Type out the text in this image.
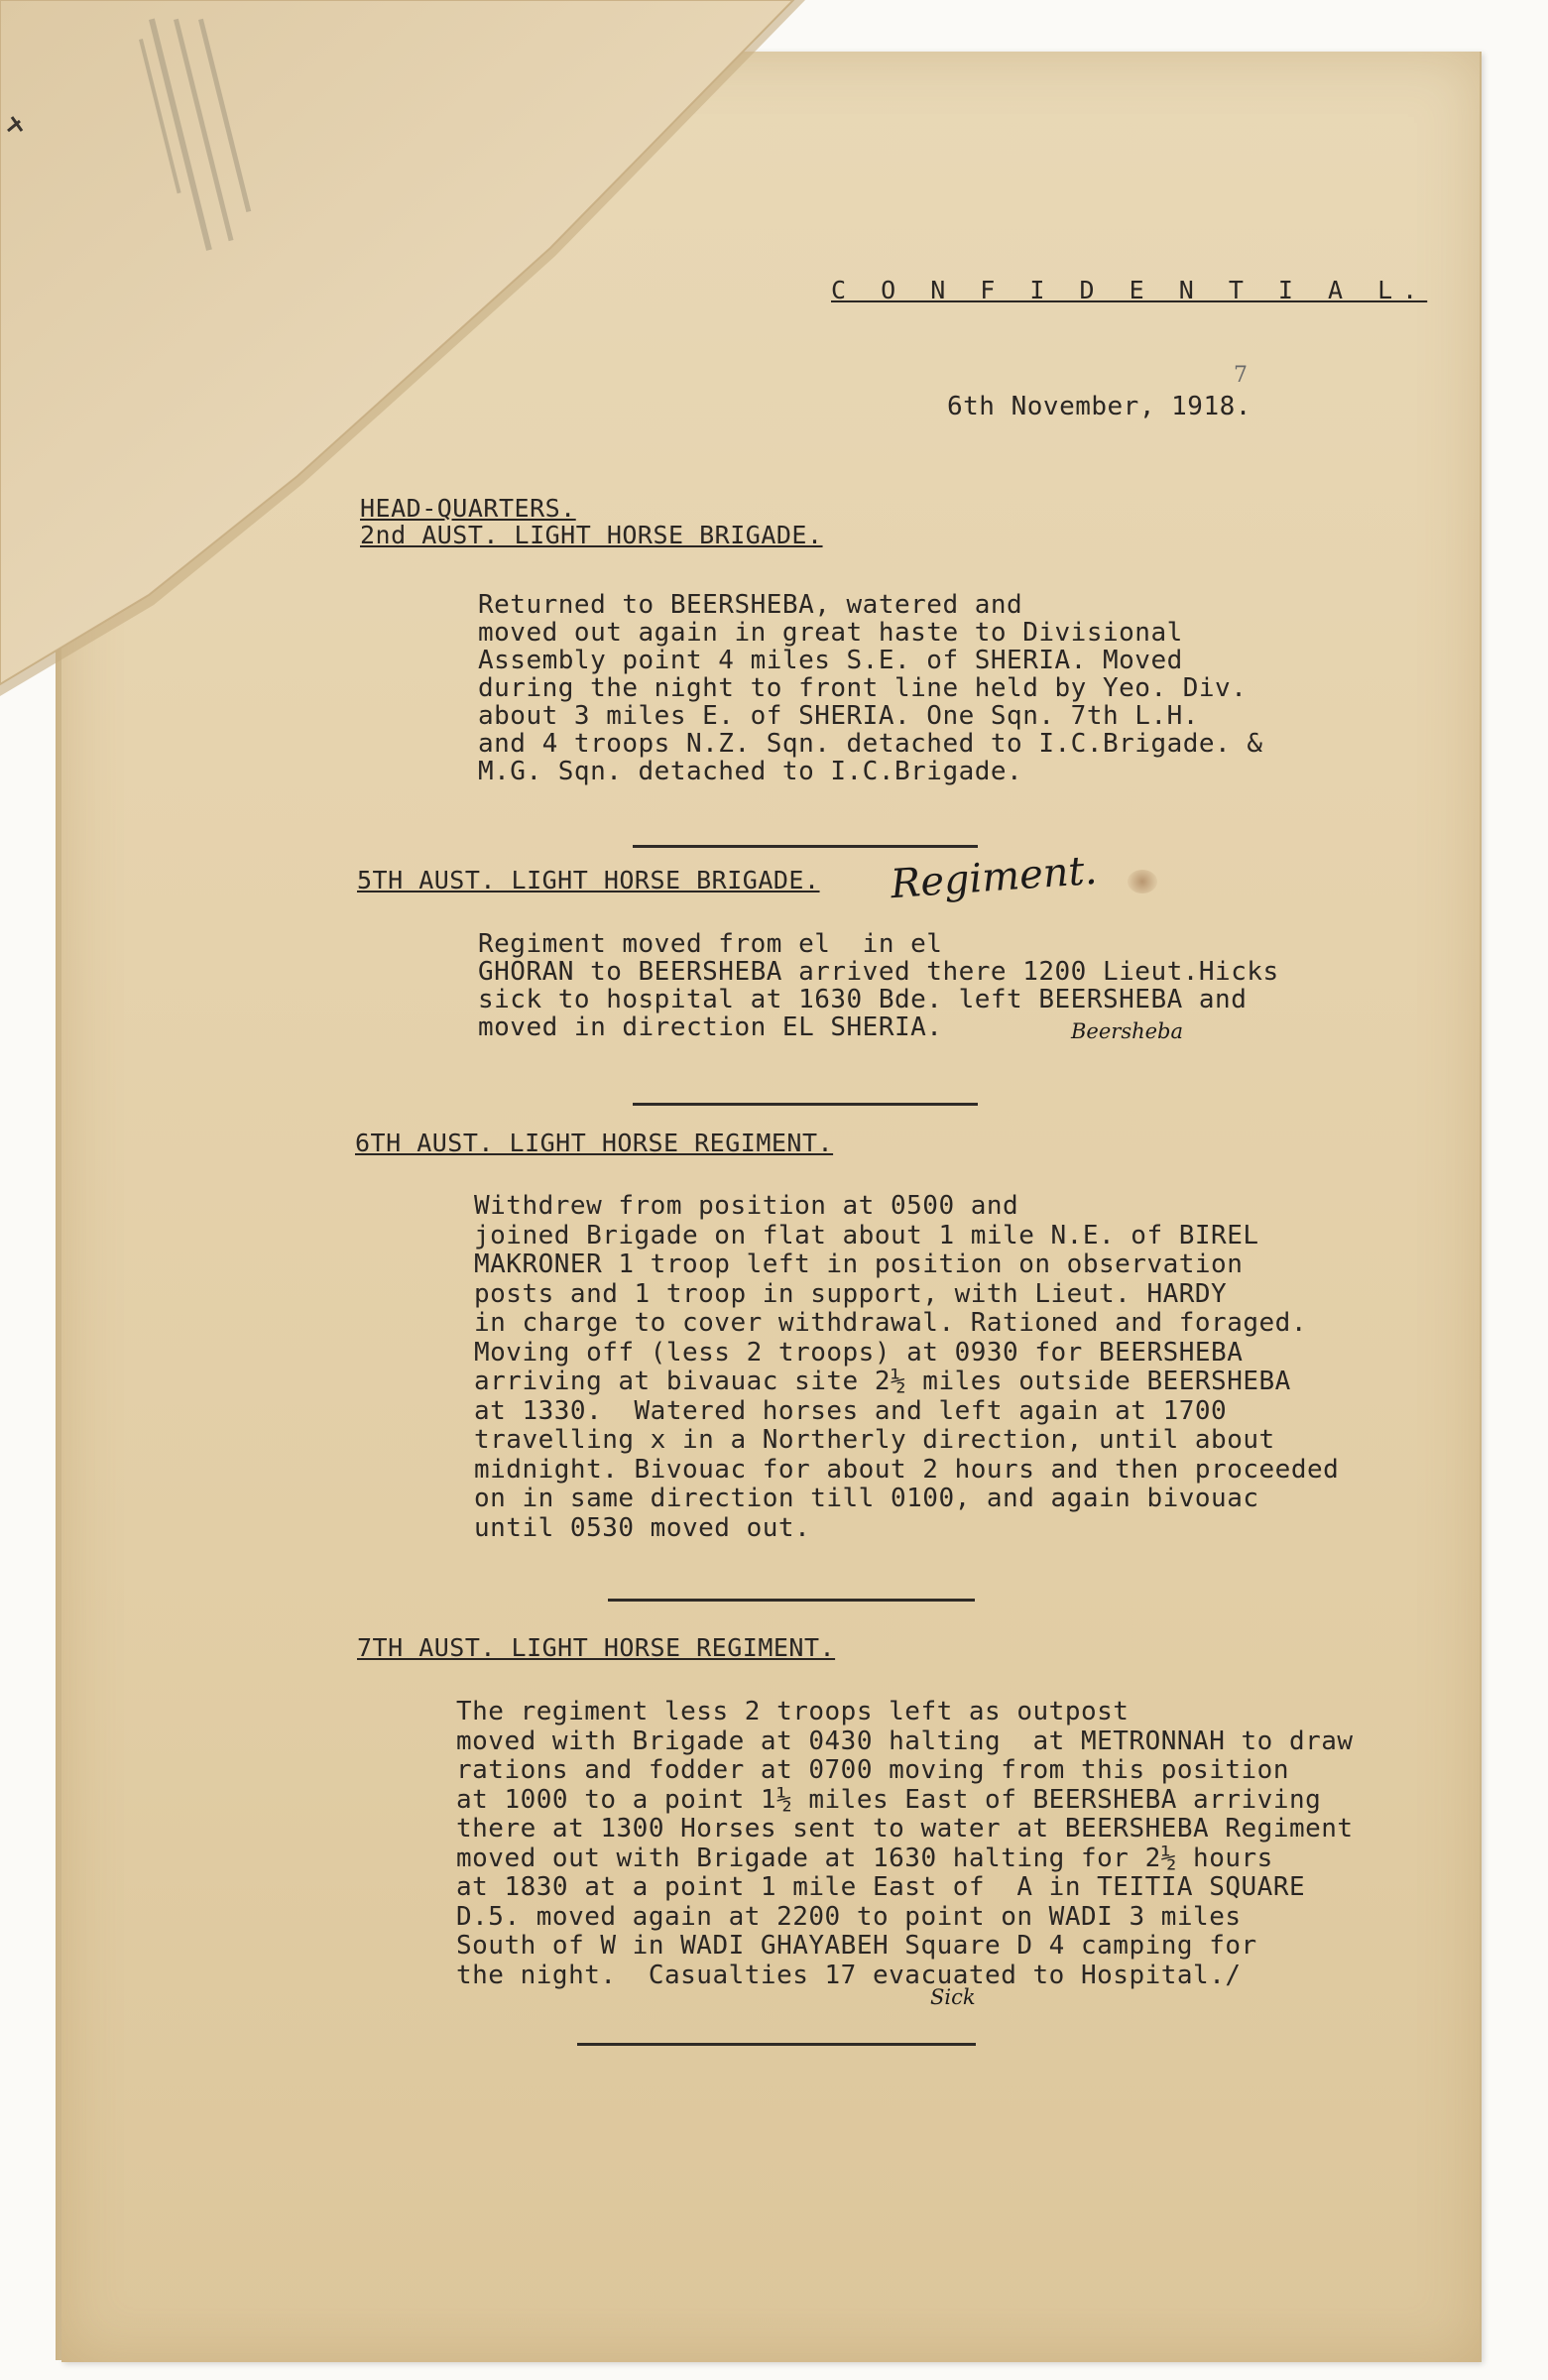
C O N F I D E N T I A L.
7
6th November, 1918.
HEAD-QUARTERS.
2nd AUST. LIGHT HORSE BRIGADE.
Returned to BEERSHEBA, watered and
moved out again in great haste to Divisional
Assembly point 4 miles S.E. of SHERIA. Moved
during the night to front line held by Yeo. Div.
about 3 miles E. of SHERIA. One Sqn. 7th L.H.
and 4 troops N.Z. Sqn. detached to I.C.Brigade. &
M.G. Sqn. detached to I.C.Brigade.
5TH AUST. LIGHT HORSE BRIGADE. Regiment.
Regiment moved from el  in el
GHORAN to BEERSHEBA arrived there 1200 Lieut.Hicks
sick to hospital at 1630 Bde. left BEERSHEBA and
moved in direction EL SHERIA.	Beersheba
6TH AUST. LIGHT HORSE REGIMENT.
Withdrew from position at 0500 and
joined Brigade on flat about 1 mile N.E. of BIREL
MAKRONER 1 troop left in position on observation
posts and 1 troop in support, with Lieut. HARDY
in charge to cover withdrawal. Rationed and foraged.
Moving off (less 2 troops) at 0930 for BEERSHEBA
arriving at bivauac site 2½ miles outside BEERSHEBA
at 1330.  Watered horses and left again at 1700
travelling x in a Northerly direction, until about
midnight. Bivouac for about 2 hours and then proceeded
on in same direction till 0100, and again bivouac
until 0530 moved out.
7TH AUST. LIGHT HORSE REGIMENT.
The regiment less 2 troops left as outpost
moved with Brigade at 0430 halting  at METRONNAH to draw
rations and fodder at 0700 moving from this position
at 1000 to a point 1½ miles East of BEERSHEBA arriving
there at 1300 Horses sent to water at BEERSHEBA Regiment
moved out with Brigade at 1630 halting for 2½ hours
at 1830 at a point 1 mile East of  A in TEITIA SQUARE
D.5. moved again at 2200 to point on WADI 3 miles
South of W in WADI GHAYABEH Square D 4 camping for
the night.  Casualties 17 evacuated to Hospital./
Sick
